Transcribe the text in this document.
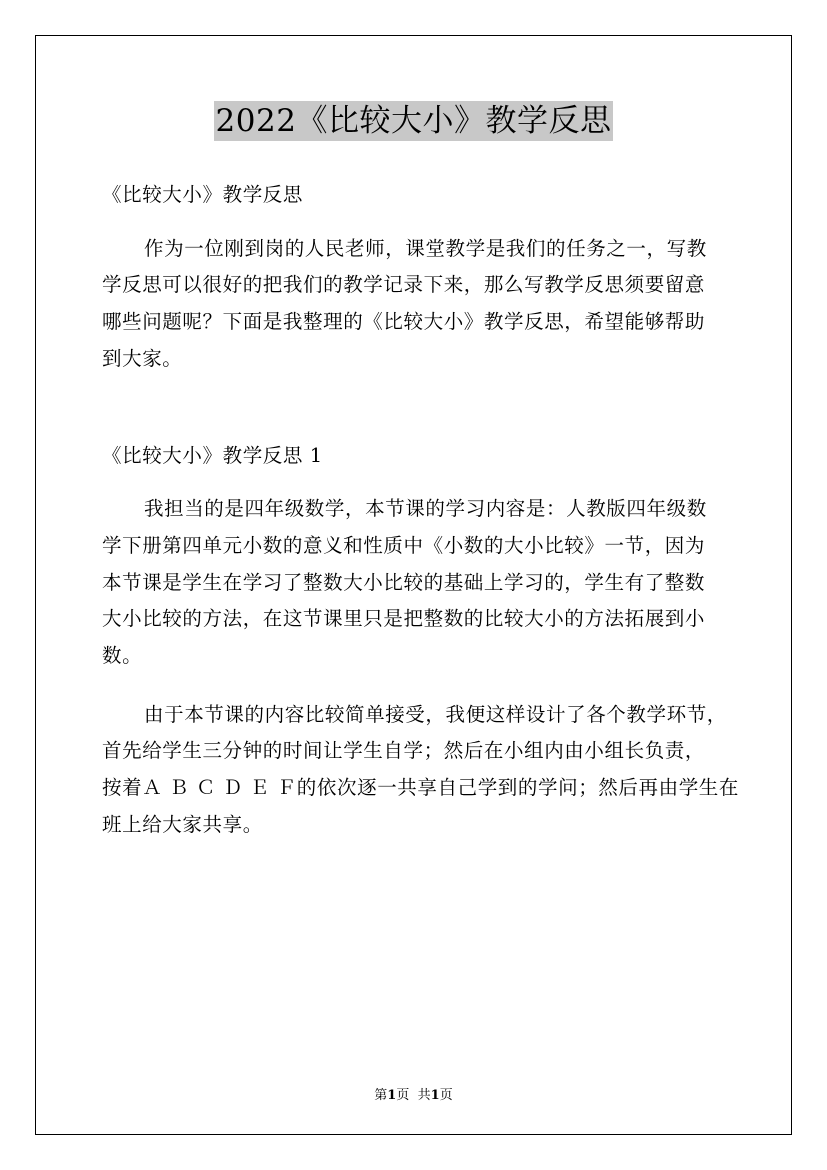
2022《比较大小》教学反思

《比较大小》教学反思

作为一位刚到岗的人民老师，课堂教学是我们的任务之一，写教
学反思可以很好的把我们的教学记录下来，那么写教学反思须要留意
哪些问题呢？下面是我整理的《比较大小》教学反思，希望能够帮助
到大家。

《比较大小》教学反思 1

我担当的是四年级数学，本节课的学习内容是：人教版四年级数
学下册第四单元小数的意义和性质中《小数的大小比较》一节，因为
本节课是学生在学习了整数大小比较的基础上学习的，学生有了整数
大小比较的方法，在这节课里只是把整数的比较大小的方法拓展到小
数。

由于本节课的内容比较简单接受，我便这样设计了各个教学环节，
首先给学生三分钟的时间让学生自学；然后在小组内由小组长负责，
按着Ａ Ｂ Ｃ Ｄ Ｅ Ｆ的依次逐一共享自己学到的学问；然后再由学生在
班上给大家共享。

第1页 共1页
